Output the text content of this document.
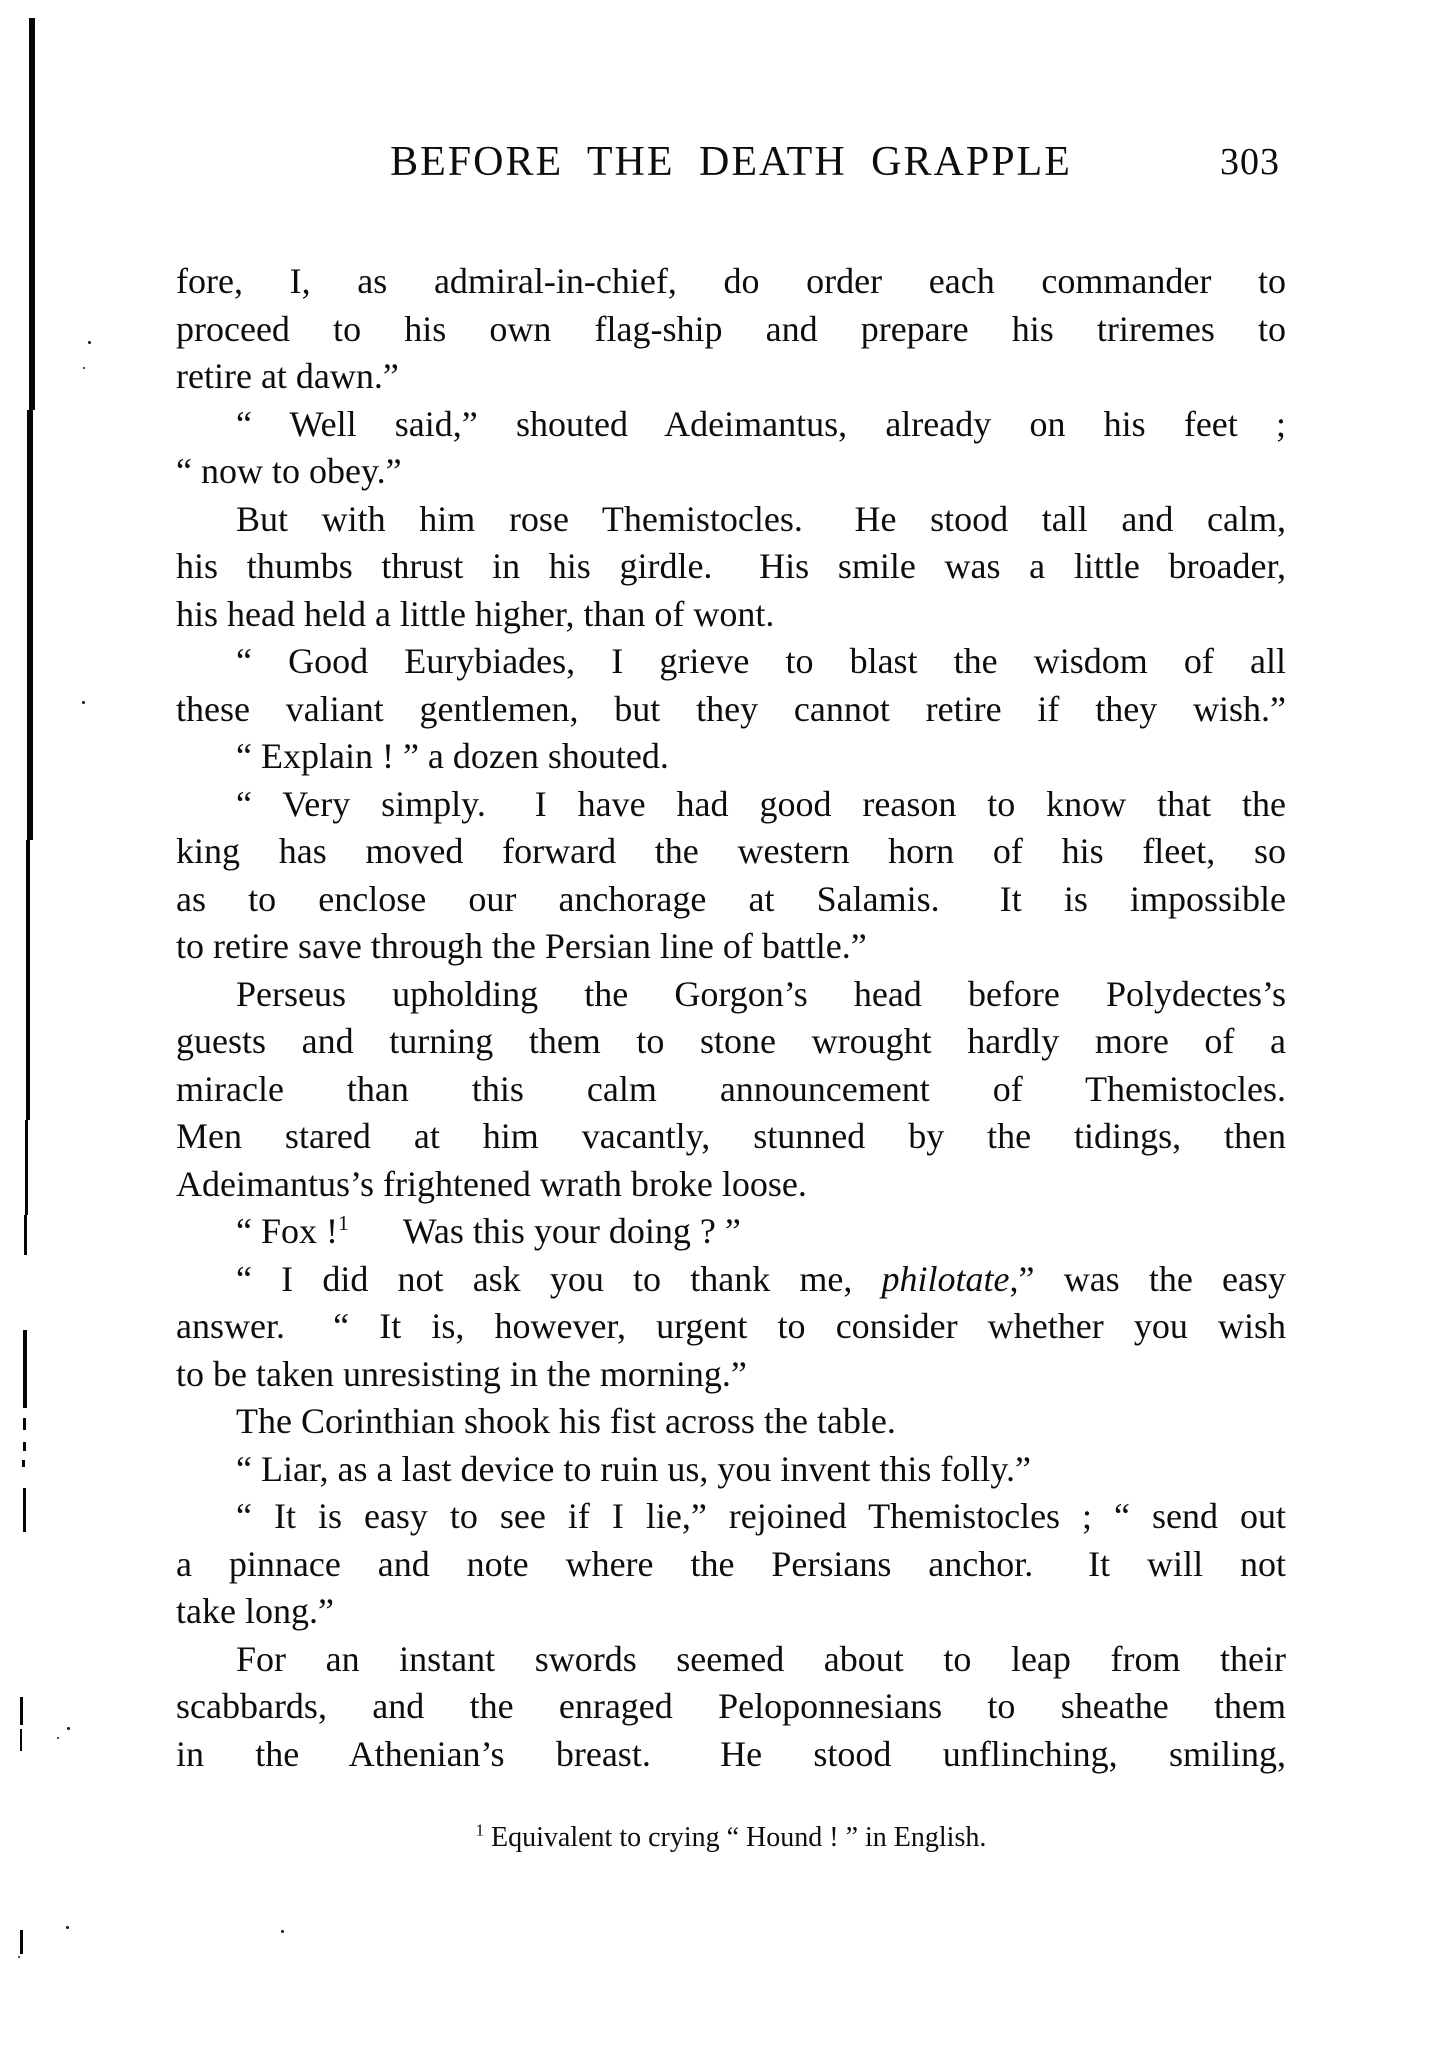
BEFORE THE DEATH GRAPPLE	303
fore, I, as admiral-in-chief, do order each commander to
proceed to his own flag-ship and prepare his triremes to
retire at dawn.”
“ Well said,” shouted Adeimantus, already on his feet ;
“ now to obey.”
But with him rose Themistocles.  He stood tall and calm,
his thumbs thrust in his girdle.  His smile was a little broader,
his head held a little higher, than of wont.
“ Good Eurybiades, I grieve to blast the wisdom of all
these valiant gentlemen, but they cannot retire if they wish.”
“ Explain ! ” a dozen shouted.
“ Very simply.  I have had good reason to know that the
king has moved forward the western horn of his fleet, so
as to enclose our anchorage at Salamis.  It is impossible
to retire save through the Persian line of battle.”
Perseus upholding the Gorgon’s head before Polydectes’s
guests and turning them to stone wrought hardly more of a
miracle than this calm announcement of Themistocles.
Men stared at him vacantly, stunned by the tidings, then
Adeimantus’s frightened wrath broke loose.
“ Fox !$^1$  Was this your doing ? ”
“ I did not ask you to thank me, philotate,” was the easy
answer.  “ It is, however, urgent to consider whether you wish
to be taken unresisting in the morning.”
The Corinthian shook his fist across the table.
“ Liar, as a last device to ruin us, you invent this folly.”
“ It is easy to see if I lie,” rejoined Themistocles ; “ send out
a pinnace and note where the Persians anchor.  It will not
take long.”
For an instant swords seemed about to leap from their
scabbards, and the enraged Peloponnesians to sheathe them
in the Athenian’s breast.  He stood unflinching, smiling,
$^1$ Equivalent to crying “ Hound ! ” in English.
